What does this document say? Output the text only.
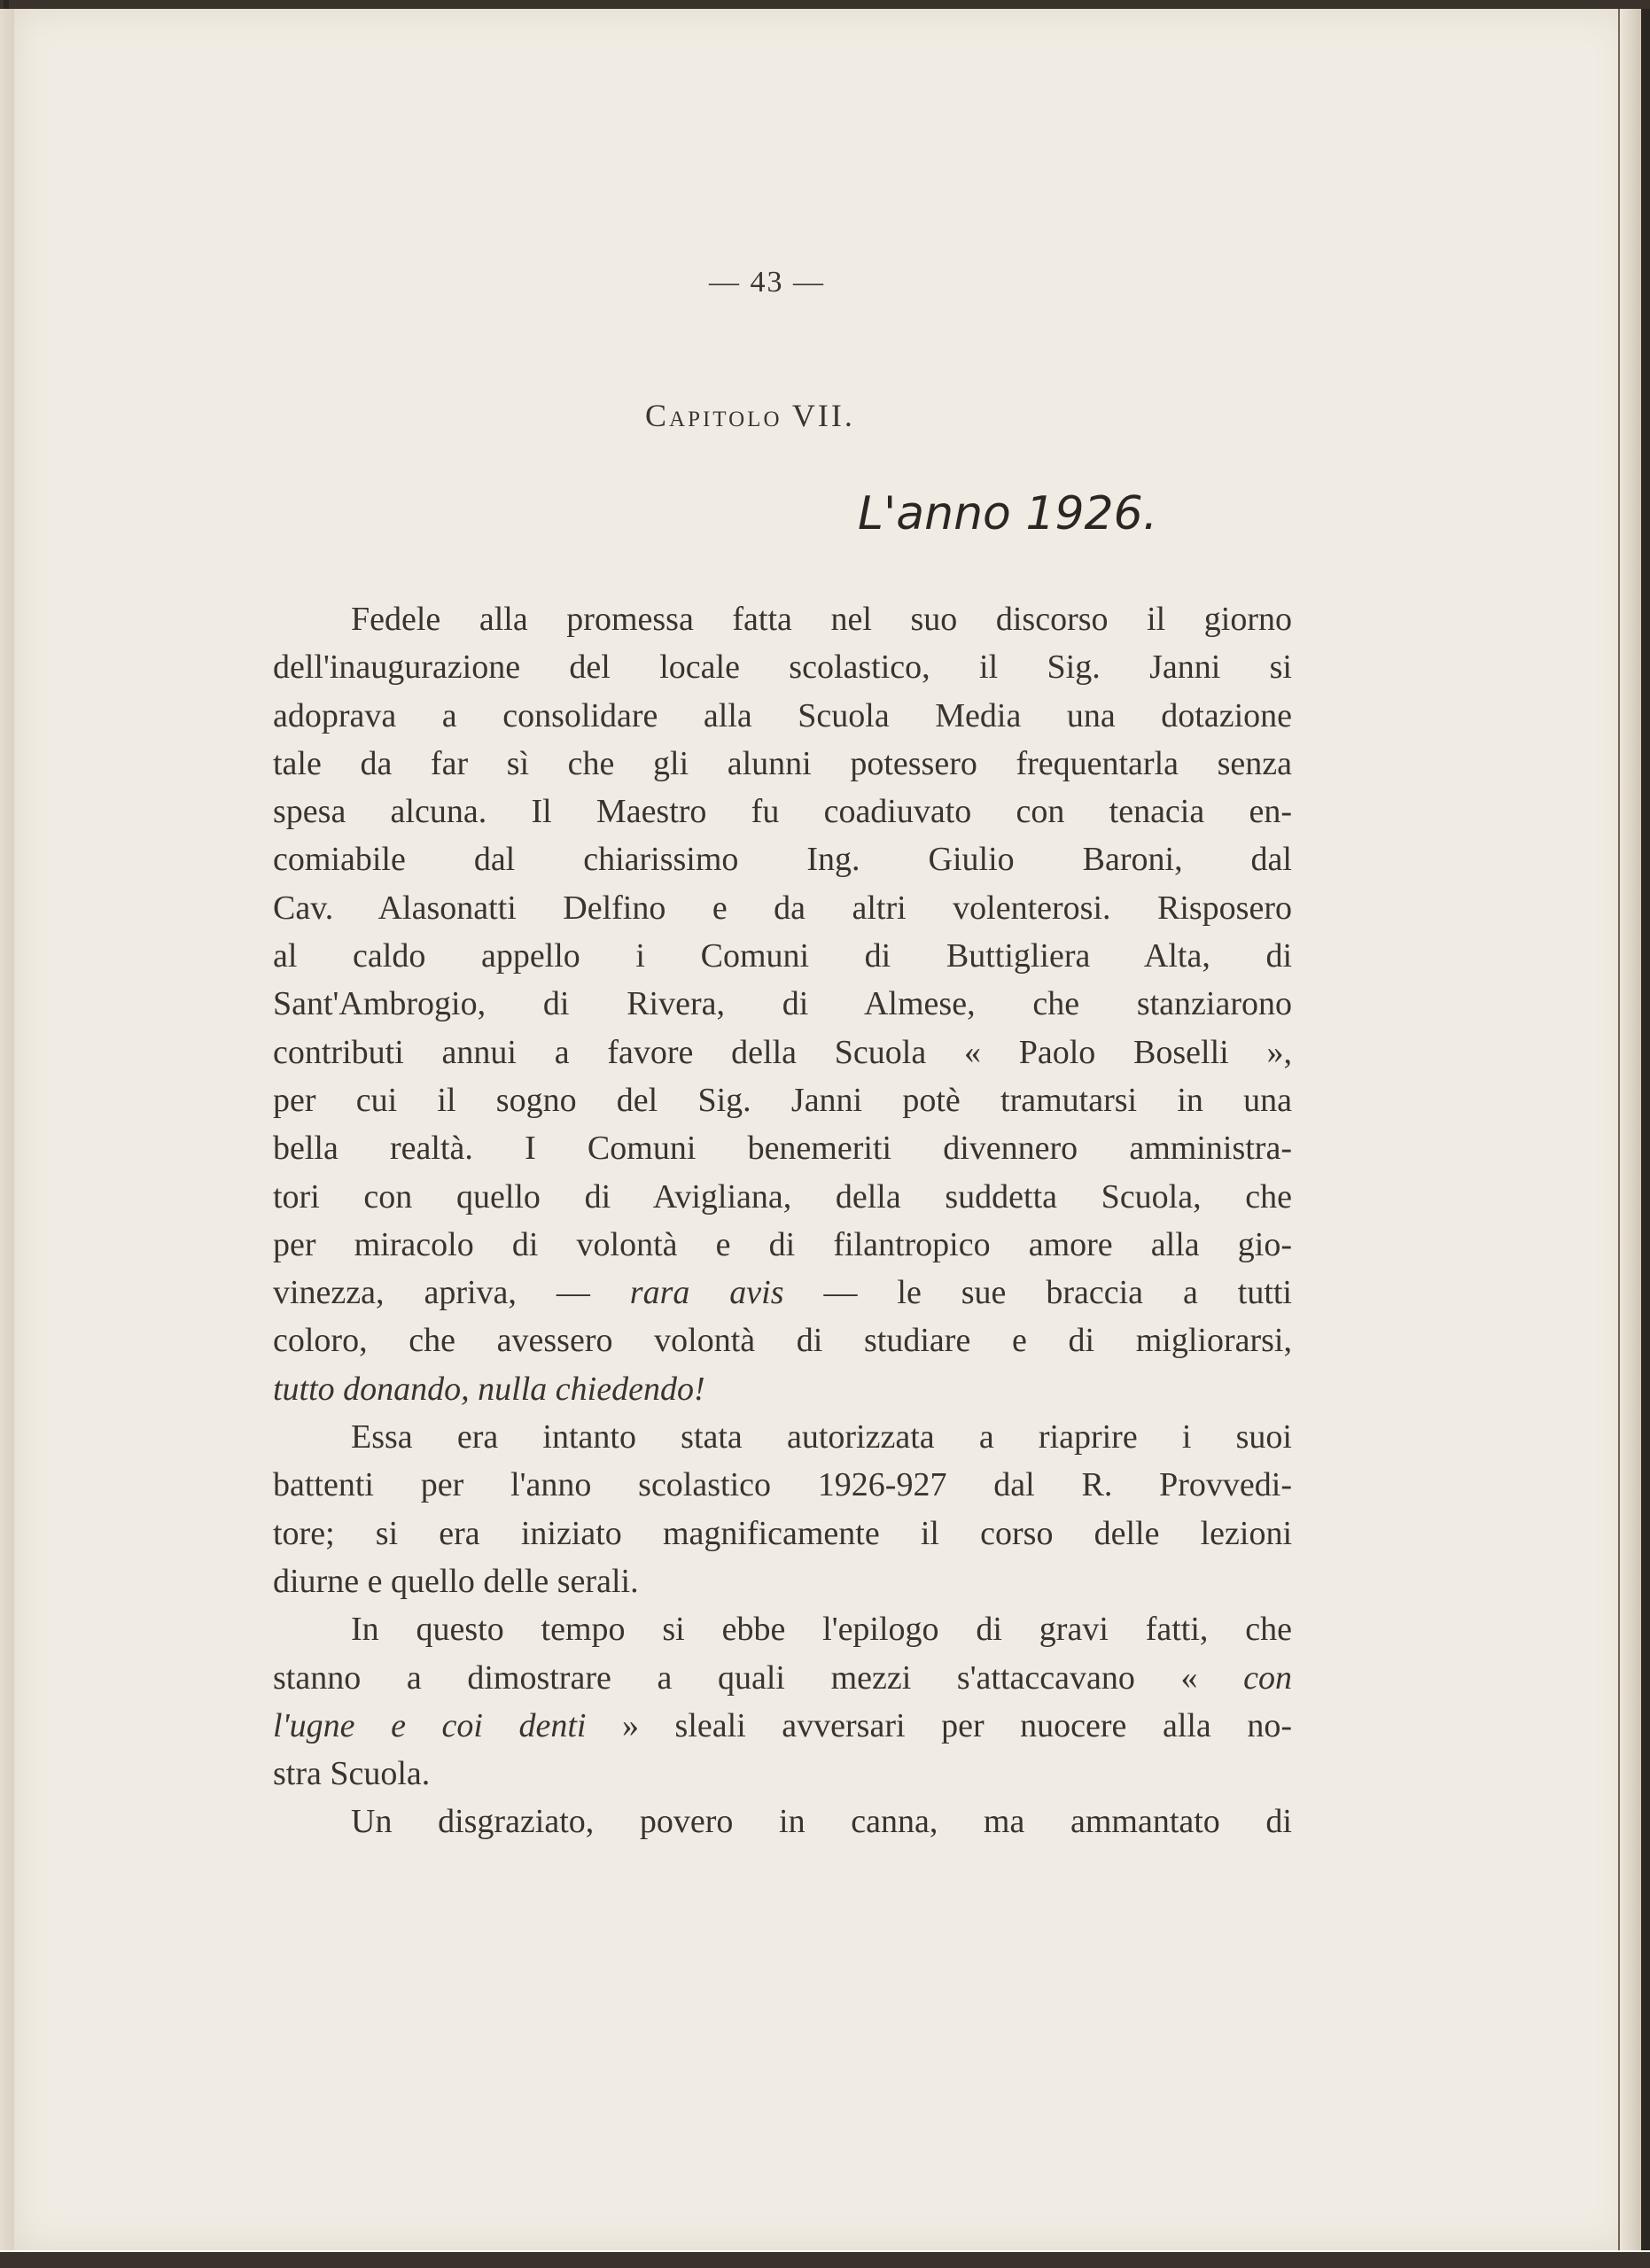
— 43 —
Capitolo VII.
L'anno 1926.
Fedele alla promessa fatta nel suo discorso il giorno
dell'inaugurazione del locale scolastico, il Sig. Janni si
adoprava a consolidare alla Scuola Media una dotazione
tale da far sì che gli alunni potessero frequentarla senza
spesa alcuna. Il Maestro fu coadiuvato con tenacia en-
comiabile dal chiarissimo Ing. Giulio Baroni, dal
Cav. Alasonatti Delfino e da altri volenterosi. Risposero
al caldo appello i Comuni di Buttigliera Alta, di
Sant'Ambrogio, di Rivera, di Almese, che stanziarono
contributi annui a favore della Scuola « Paolo Boselli »,
per cui il sogno del Sig. Janni potè tramutarsi in una
bella realtà. I Comuni benemeriti divennero amministra-
tori con quello di Avigliana, della suddetta Scuola, che
per miracolo di volontà e di filantropico amore alla gio-
vinezza, apriva, — rara avis — le sue braccia a tutti
coloro, che avessero volontà di studiare e di migliorarsi,
tutto donando, nulla chiedendo!
Essa era intanto stata autorizzata a riaprire i suoi
battenti per l'anno scolastico 1926-927 dal R. Provvedi-
tore; si era iniziato magnificamente il corso delle lezioni
diurne e quello delle serali.
In questo tempo si ebbe l'epilogo di gravi fatti, che
stanno a dimostrare a quali mezzi s'attaccavano « con
l'ugne e coi denti » sleali avversari per nuocere alla no-
stra Scuola.
Un disgraziato, povero in canna, ma ammantato di
